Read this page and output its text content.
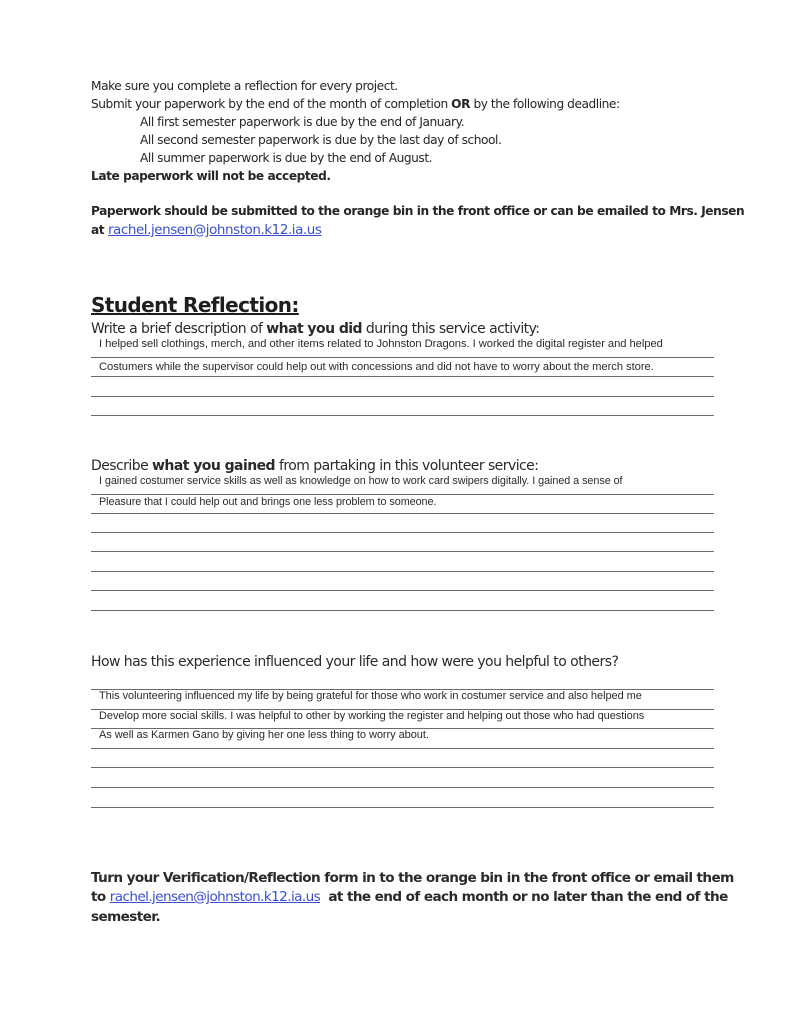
Make sure you complete a reflection for every project.
Submit your paperwork by the end of the month of completion OR by the following deadline:
All first semester paperwork is due by the end of January.
All second semester paperwork is due by the last day of school.
All summer paperwork is due by the end of August.
Late paperwork will not be accepted.
Paperwork should be submitted to the orange bin in the front office or can be emailed to Mrs. Jensen
at rachel.jensen@johnston.k12.ia.us
Student Reflection:
Write a brief description of what you did during this service activity:
I helped sell clothings, merch, and other items related to Johnston Dragons. I worked the digital register and helped
Costumers while the supervisor could help out with concessions and did not have to worry about the merch store.
Describe what you gained from partaking in this volunteer service:
I gained costumer service skills as well as knowledge on how to work card swipers digitally. I gained a sense of
Pleasure that I could help out and brings one less problem to someone.
How has this experience influenced your life and how were you helpful to others?
This volunteering influenced my life by being grateful for those who work in costumer service and also helped me
Develop more social skills. I was helpful to other by working the register and helping out those who had questions
As well as Karmen Gano by giving her one less thing to worry about.
Turn your Verification/Reflection form in to the orange bin in the front office or email them
to rachel.jensen@johnston.k12.ia.us  at the end of each month or no later than the end of the
semester.
